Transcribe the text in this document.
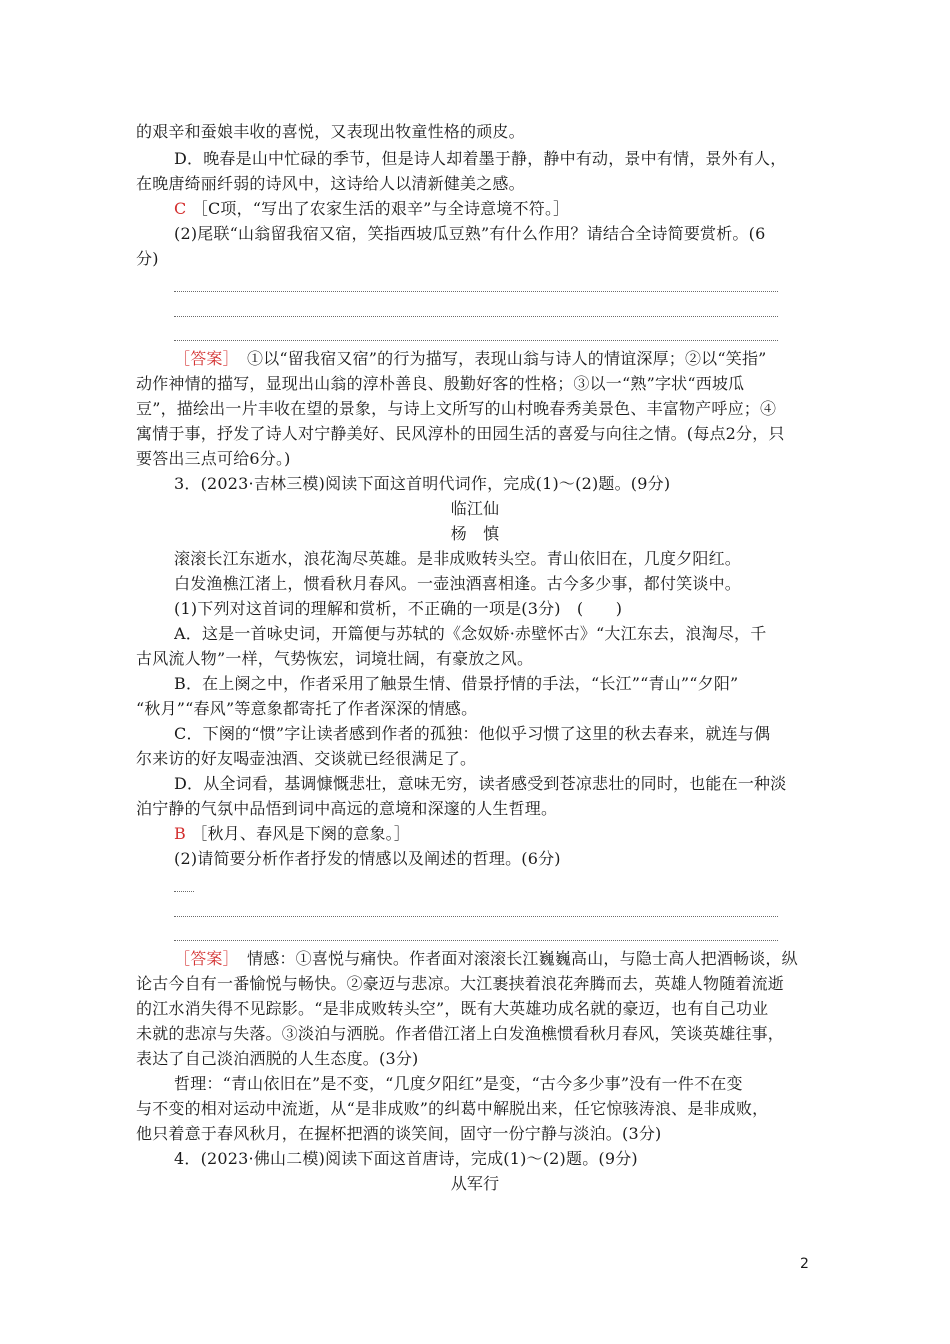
的艰辛和蚕娘丰收的喜悦，又表现出牧童性格的顽皮。
D．晚春是山中忙碌的季节，但是诗人却着墨于静，静中有动，景中有情，景外有人，
在晚唐绮丽纤弱的诗风中，这诗给人以清新健美之感。
C ［C项，“写出了农家生活的艰辛”与全诗意境不符。］
(2)尾联“山翁留我宿又宿，笑指西坡瓜豆熟”有什么作用？请结合全诗简要赏析。(6
分)
［答案］　 ①以“留我宿又宿”的行为描写，表现山翁与诗人的情谊深厚；②以“笑指”
动作神情的描写，显现出山翁的淳朴善良、殷勤好客的性格；③以一“熟”字状“西坡瓜
豆”，描绘出一片丰收在望的景象，与诗上文所写的山村晚春秀美景色、丰富物产呼应；④
寓情于事，抒发了诗人对宁静美好、民风淳朴的田园生活的喜爱与向往之情。(每点2分，只
要答出三点可给6分。)
3．(2023·吉林三模)阅读下面这首明代词作，完成(1)～(2)题。(9分)
临江仙
杨　慎
滚滚长江东逝水，浪花淘尽英雄。是非成败转头空。青山依旧在，几度夕阳红。
白发渔樵江渚上，惯看秋月春风。一壶浊酒喜相逢。古今多少事，都付笑谈中。
(1)下列对这首词的理解和赏析，不正确的一项是(3分)　(　　)
A．这是一首咏史词，开篇便与苏轼的《念奴娇·赤壁怀古》“大江东去，浪淘尽，千
古风流人物”一样，气势恢宏，词境壮阔，有豪放之风。
B．在上阕之中，作者采用了触景生情、借景抒情的手法，“长江”“青山”“夕阳”
“秋月”“春风”等意象都寄托了作者深深的情感。
C．下阕的“惯”字让读者感到作者的孤独：他似乎习惯了这里的秋去春来，就连与偶
尔来访的好友喝壶浊酒、交谈就已经很满足了。
D．从全词看，基调慷慨悲壮，意味无穷，读者感受到苍凉悲壮的同时，也能在一种淡
泊宁静的气氛中品悟到词中高远的意境和深邃的人生哲理。
B ［秋月、春风是下阕的意象。］
(2)请简要分析作者抒发的情感以及阐述的哲理。(6分)
［答案］　 情感：①喜悦与痛快。作者面对滚滚长江巍巍高山，与隐士高人把酒畅谈，纵
论古今自有一番愉悦与畅快。②豪迈与悲凉。大江裹挟着浪花奔腾而去，英雄人物随着流逝
的江水消失得不见踪影。“是非成败转头空”，既有大英雄功成名就的豪迈，也有自己功业
未就的悲凉与失落。③淡泊与洒脱。作者借江渚上白发渔樵惯看秋月春风，笑谈英雄往事，
表达了自己淡泊洒脱的人生态度。(3分)
哲理：“青山依旧在”是不变，“几度夕阳红”是变，“古今多少事”没有一件不在变
与不变的相对运动中流逝，从“是非成败”的纠葛中解脱出来，任它惊骇涛浪、是非成败，
他只着意于春风秋月，在握杯把酒的谈笑间，固守一份宁静与淡泊。(3分)
4．(2023·佛山二模)阅读下面这首唐诗，完成(1)～(2)题。(9分)
从军行
2
